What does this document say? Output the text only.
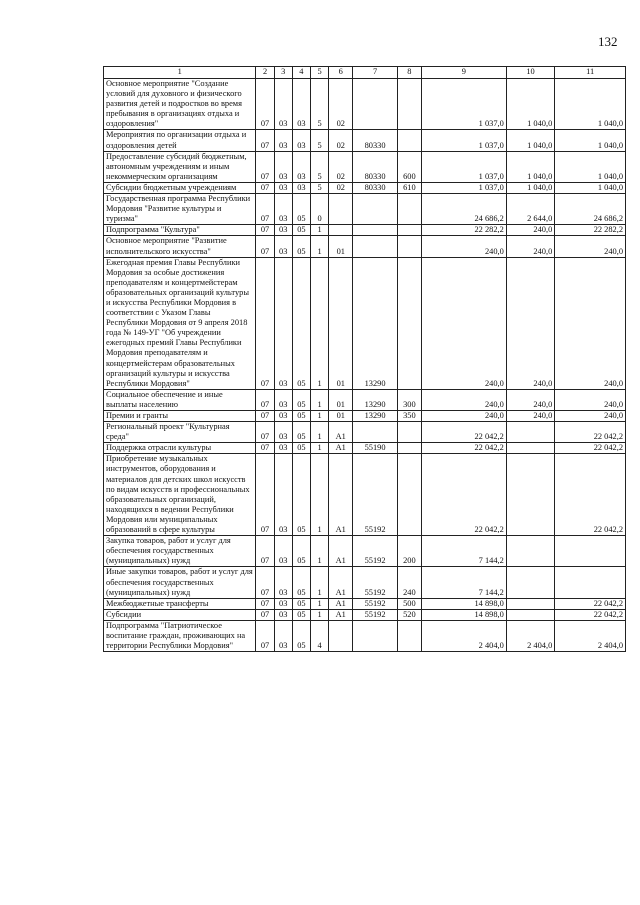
132
1	2	3	4	5	6	7	8	9	10	11
Основное мероприятие "Создание условий для духовного и физического развития детей и подростков во время пребывания в организациях отдыха и оздоровления"	07	03	03	5	02			1 037,0	1 040,0	1 040,0
Мероприятия по организации отдыха и оздоровления детей	07	03	03	5	02	80330		1 037,0	1 040,0	1 040,0
Предоставление субсидий бюджетным, автономным учреждениям и иным некоммерческим организациям	07	03	03	5	02	80330	600	1 037,0	1 040,0	1 040,0
Субсидии бюджетным учреждениям	07	03	03	5	02	80330	610	1 037,0	1 040,0	1 040,0
Государственная программа Республики Мордовия "Развитие культуры и туризма"	07	03	05	0				24 686,2	2 644,0	24 686,2
Подпрограмма "Культура"	07	03	05	1				22 282,2	240,0	22 282,2
Основное мероприятие "Развитие исполнительского искусства"	07	03	05	1	01			240,0	240,0	240,0
Ежегодная премия Главы Республики Мордовия за особые достижения преподавателям и концертмейстерам образовательных организаций культуры и искусства Республики Мордовия в соответствии с Указом Главы Республики Мордовия от 9 апреля 2018 года № 149-УГ "Об учреждении ежегодных премий Главы Республики Мордовия преподавателям и концертмейстерам образовательных организаций культуры и искусства Республики Мордовия"	07	03	05	1	01	13290		240,0	240,0	240,0
Социальное обеспечение и иные выплаты населению	07	03	05	1	01	13290	300	240,0	240,0	240,0
Премии и гранты	07	03	05	1	01	13290	350	240,0	240,0	240,0
Региональный проект "Культурная среда"	07	03	05	1	А1			22 042,2		22 042,2
Поддержка отрасли культуры	07	03	05	1	А1	55190		22 042,2		22 042,2
Приобретение музыкальных инструментов, оборудования и материалов для детских школ искусств по видам искусств и профессиональных образовательных организаций, находящихся в ведении Республики Мордовия или муниципальных образований в сфере культуры	07	03	05	1	А1	55192		22 042,2		22 042,2
Закупка товаров, работ и услуг для обеспечения государственных (муниципальных) нужд	07	03	05	1	А1	55192	200	7 144,2		
Иные закупки товаров, работ и услуг для обеспечения государственных (муниципальных) нужд	07	03	05	1	А1	55192	240	7 144,2		
Межбюджетные трансферты	07	03	05	1	А1	55192	500	14 898,0		22 042,2
Субсидии	07	03	05	1	А1	55192	520	14 898,0		22 042,2
Подпрограмма "Патриотическое воспитание граждан, проживающих на территории Республики Мордовия"	07	03	05	4				2 404,0	2 404,0	2 404,0
